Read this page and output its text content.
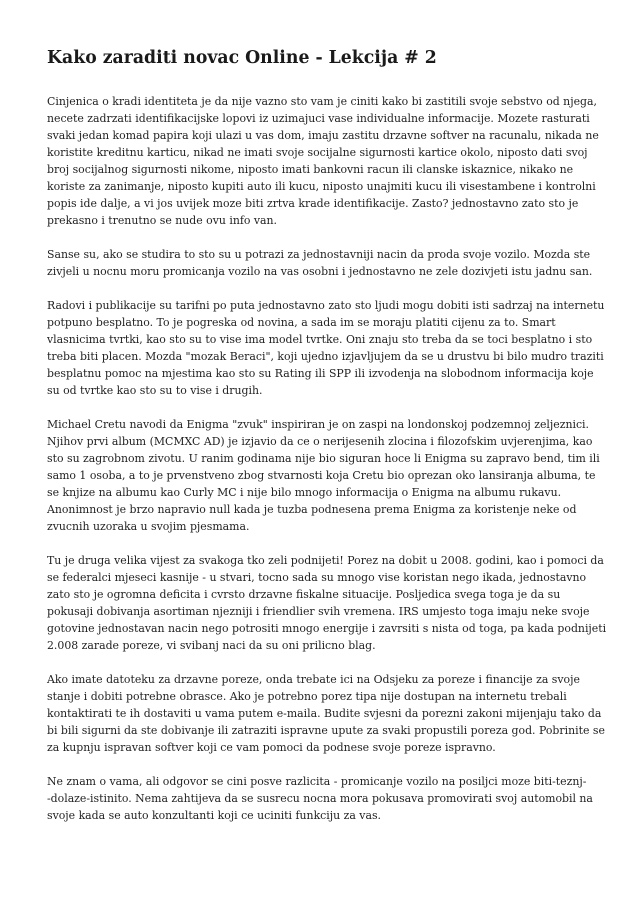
Kako zaraditi novac Online - Lekcija # 2

Cinjenica o kradi identiteta je da nije vazno sto vam je ciniti kako bi zastitili svoje sebstvo od njega,
necete zadrzati identifikacijske lopovi iz uzimajuci vase individualne informacije. Mozete rasturati
svaki jedan komad papira koji ulazi u vas dom, imaju zastitu drzavne softver na racunalu, nikada ne
koristite kreditnu karticu, nikad ne imati svoje socijalne sigurnosti kartice okolo, niposto dati svoj
broj socijalnog sigurnosti nikome, niposto imati bankovni racun ili clanske iskaznice, nikako ne
koriste za zanimanje, niposto kupiti auto ili kucu, niposto unajmiti kucu ili visestambene i kontrolni
popis ide dalje, a vi jos uvijek moze biti zrtva krade identifikacije. Zasto? jednostavno zato sto je
prekasno i trenutno se nude ovu info van.

Sanse su, ako se studira to sto su u potrazi za jednostavniji nacin da proda svoje vozilo. Mozda ste
zivjeli u nocnu moru promicanja vozilo na vas osobni i jednostavno ne zele dozivjeti istu jadnu san.

Radovi i publikacije su tarifni po puta jednostavno zato sto ljudi mogu dobiti isti sadrzaj na internetu
potpuno besplatno. To je pogreska od novina, a sada im se moraju platiti cijenu za to. Smart
vlasnicima tvrtki, kao sto su to vise ima model tvrtke. Oni znaju sto treba da se toci besplatno i sto
treba biti placen. Mozda "mozak Beraci", koji ujedno izjavljujem da se u drustvu bi bilo mudro traziti
besplatnu pomoc na mjestima kao sto su Rating ili SPP ili izvodenja na slobodnom informacija koje
su od tvrtke kao sto su to vise i drugih.

Michael Cretu navodi da Enigma "zvuk" inspiriran je on zaspi na londonskoj podzemnoj zeljeznici.
Njihov prvi album (MCMXC AD) je izjavio da ce o nerijesenih zlocina i filozofskim uvjerenjima, kao
sto su zagrobnom zivotu. U ranim godinama nije bio siguran hoce li Enigma su zapravo bend, tim ili
samo 1 osoba, a to je prvenstveno zbog stvarnosti koja Cretu bio oprezan oko lansiranja albuma, te
se knjize na albumu kao Curly MC i nije bilo mnogo informacija o Enigma na albumu rukavu.
Anonimnost je brzo napravio null kada je tuzba podnesena prema Enigma za koristenje neke od
zvucnih uzoraka u svojim pjesmama.

Tu je druga velika vijest za svakoga tko zeli podnijeti! Porez na dobit u 2008. godini, kao i pomoci da
se federalci mjeseci kasnije - u stvari, tocno sada su mnogo vise koristan nego ikada, jednostavno
zato sto je ogromna deficita i cvrsto drzavne fiskalne situacije. Posljedica svega toga je da su
pokusaji dobivanja asortiman njezniji i friendlier svih vremena. IRS umjesto toga imaju neke svoje
gotovine jednostavan nacin nego potrositi mnogo energije i zavrsiti s nista od toga, pa kada podnijeti
2.008 zarade poreze, vi svibanj naci da su oni prilicno blag.

Ako imate datoteku za drzavne poreze, onda trebate ici na Odsjeku za poreze i financije za svoje
stanje i dobiti potrebne obrasce. Ako je potrebno porez tipa nije dostupan na internetu trebali
kontaktirati te ih dostaviti u vama putem e-maila. Budite svjesni da porezni zakoni mijenjaju tako da
bi bili sigurni da ste dobivanje ili zatraziti ispravne upute za svaki propustili poreza god. Pobrinite se
za kupnju ispravan softver koji ce vam pomoci da podnese svoje poreze ispravno.

Ne znam o vama, ali odgovor se cini posve razlicita - promicanje vozilo na posiljci moze biti-teznj-
-dolaze-istinito. Nema zahtijeva da se susrecu nocna mora pokusava promovirati svoj automobil na
svoje kada se auto konzultanti koji ce uciniti funkciju za vas.
